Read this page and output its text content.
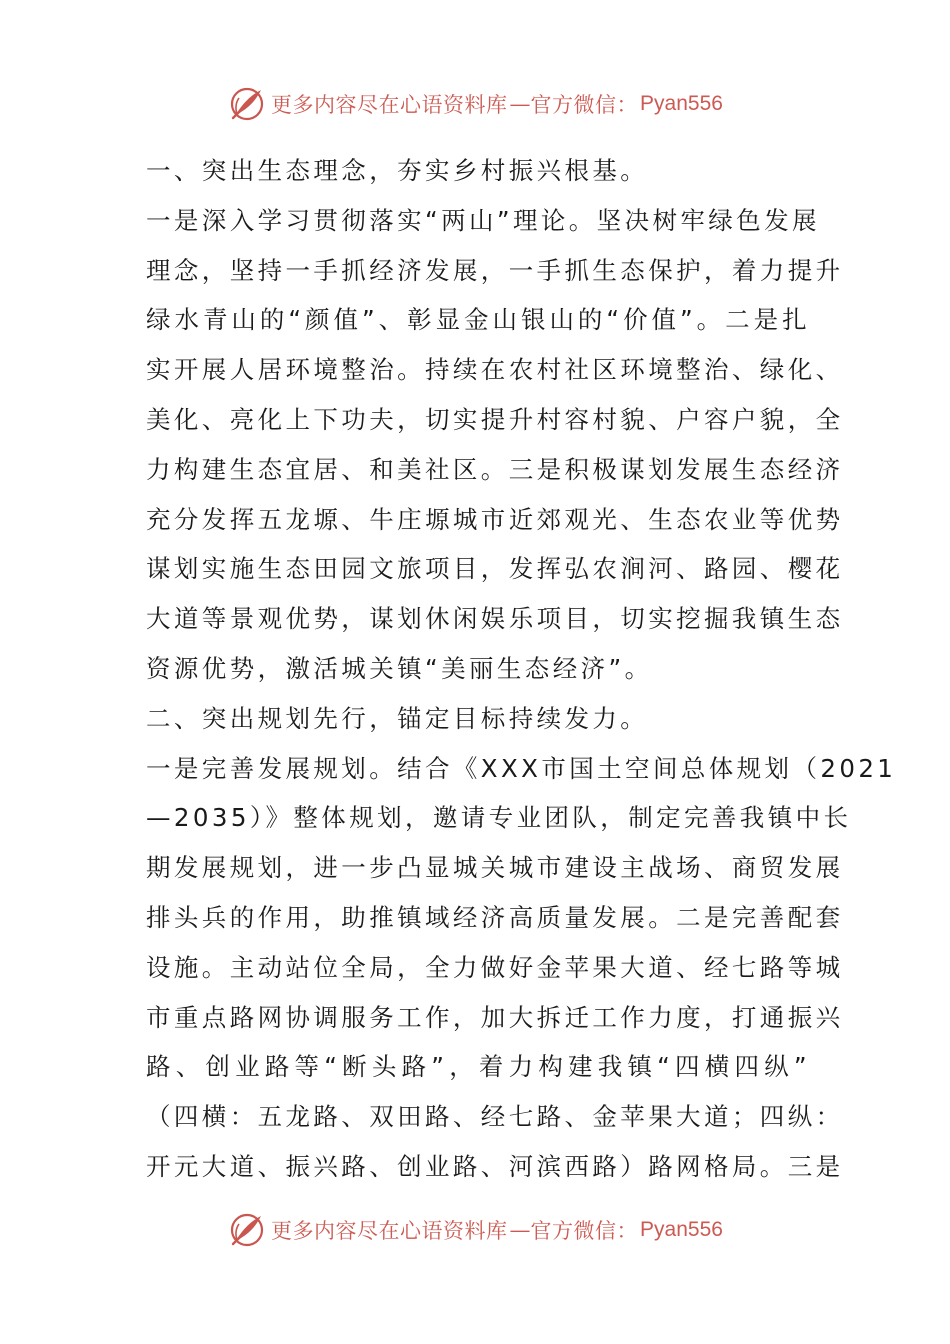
更多内容尽在心语资料库 — 官方微信： Pyan556
一、突出生态理念，夯实乡村振兴根基。
一是深入学习贯彻落实“两山”理论。坚决树牢绿色发展
理念，坚持一手抓经济发展，一手抓生态保护，着力提升
绿水青山的“颜值”、彰显金山银山的“价值”。二是扎
实开展人居环境整治。持续在农村社区环境整治、绿化、
美化、亮化上下功夫，切实提升村容村貌、户容户貌，全
力构建生态宜居、和美社区。三是积极谋划发展生态经济
充分发挥五龙塬、牛庄塬城市近郊观光、生态农业等优势
谋划实施生态田园文旅项目，发挥弘农涧河、路园、樱花
大道等景观优势，谋划休闲娱乐项目，切实挖掘我镇生态
资源优势，激活城关镇“美丽生态经济”。
二、突出规划先行，锚定目标持续发力。
一是完善发展规划。结合《XXX市国土空间总体规划（2021
—2035）》整体规划，邀请专业团队，制定完善我镇中长
期发展规划，进一步凸显城关城市建设主战场、商贸发展
排头兵的作用，助推镇域经济高质量发展。二是完善配套
设施。主动站位全局，全力做好金苹果大道、经七路等城
市重点路网协调服务工作，加大拆迁工作力度，打通振兴
路、创业路等“断头路”，着力构建我镇“四横四纵”
（四横：五龙路、双田路、经七路、金苹果大道；四纵：
开元大道、振兴路、创业路、河滨西路）路网格局。三是
更多内容尽在心语资料库 — 官方微信： Pyan556
